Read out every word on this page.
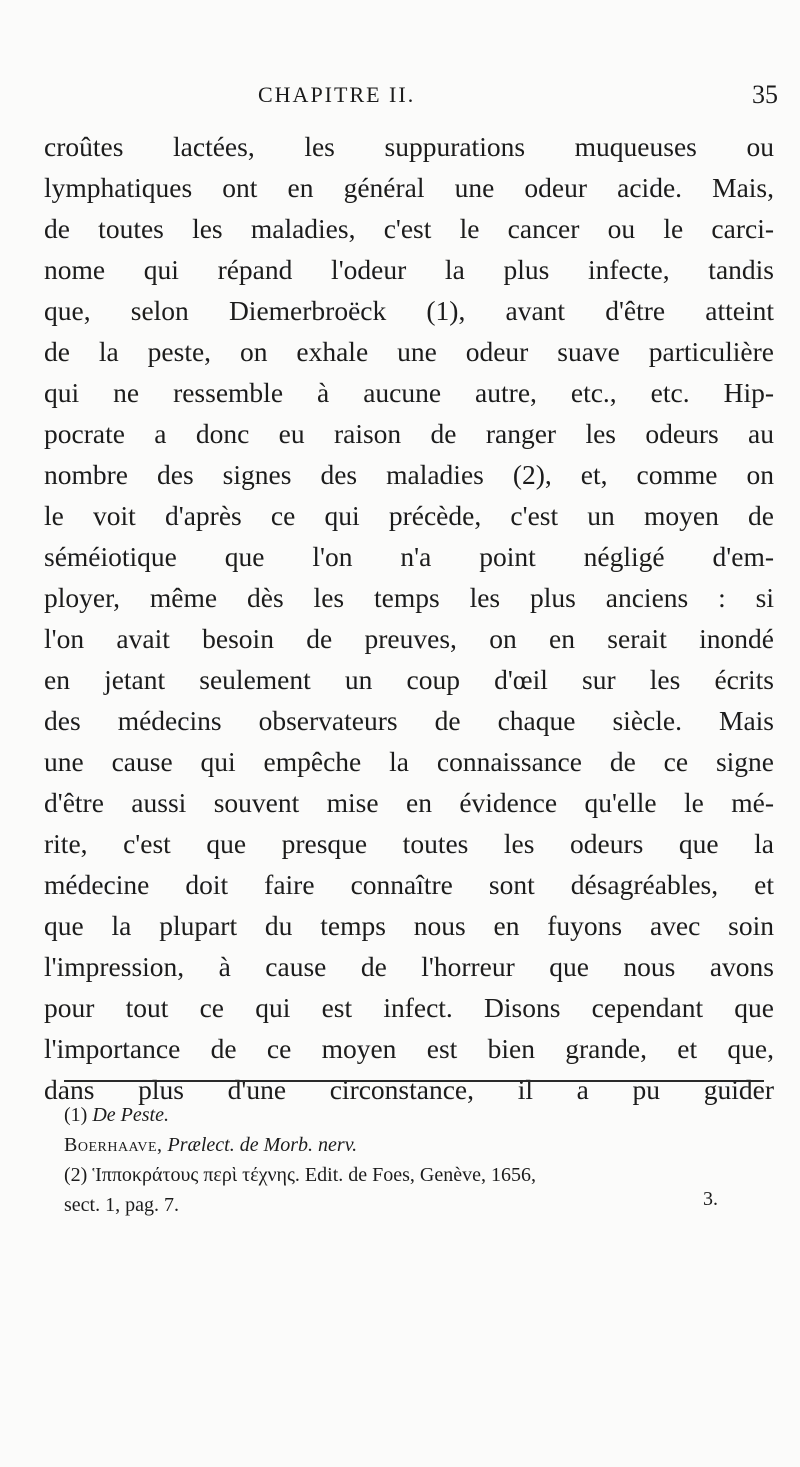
CHAPITRE II.	35
croûtes lactées, les suppurations muqueuses ou
lymphatiques ont en général une odeur acide. Mais,
de toutes les maladies, c'est le cancer ou le carci-
nome qui répand l'odeur la plus infecte, tandis
que, selon Diemerbroëck (1), avant d'être atteint
de la peste, on exhale une odeur suave particulière
qui ne ressemble à aucune autre, etc., etc. Hip-
pocrate a donc eu raison de ranger les odeurs au
nombre des signes des maladies (2), et, comme on
le voit d'après ce qui précède, c'est un moyen de
séméiotique que l'on n'a point négligé d'em-
ployer, même dès les temps les plus anciens : si
l'on avait besoin de preuves, on en serait inondé
en jetant seulement un coup d'œil sur les écrits
des médecins observateurs de chaque siècle. Mais
une cause qui empêche la connaissance de ce signe
d'être aussi souvent mise en évidence qu'elle le mé-
rite, c'est que presque toutes les odeurs que la
médecine doit faire connaître sont désagréables, et
que la plupart du temps nous en fuyons avec soin
l'impression, à cause de l'horreur que nous avons
pour tout ce qui est infect. Disons cependant que
l'importance de ce moyen est bien grande, et que,
dans plus d'une circonstance, il a pu guider
(1) De Peste.
Boerhaave, Prælect. de Morb. nerv.
(2) Ἱπποκράτους περὶ τέχνης. Edit. de Foes, Genève, 1656,
sect. 1, pag. 7.	3.
